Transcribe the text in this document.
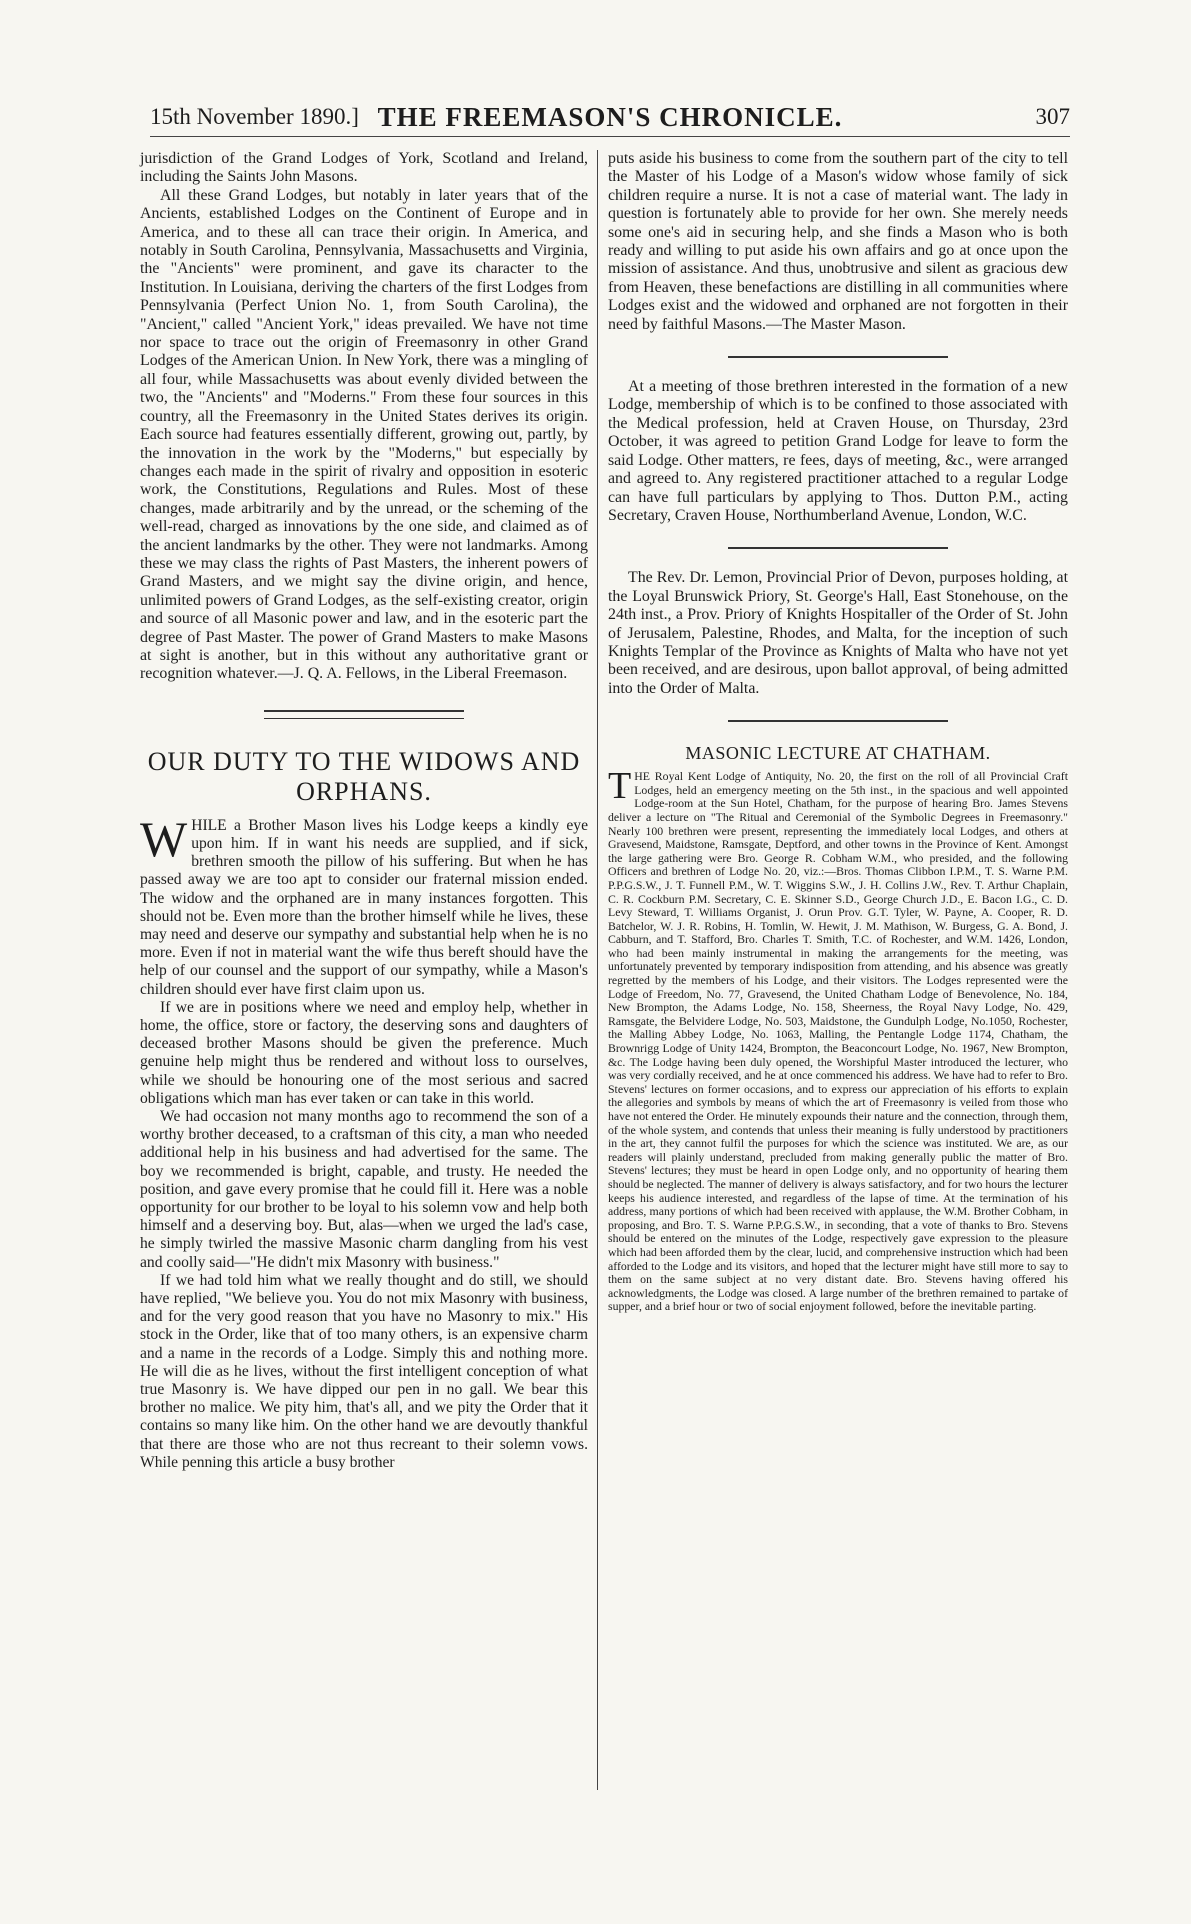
15th November 1890.] THE FREEMASON'S CHRONICLE.	307

jurisdiction of the Grand Lodges of York, Scotland and Ireland, including the Saints John Masons.

All these Grand Lodges, but notably in later years that of the Ancients, established Lodges on the Continent of Europe and in America, and to these all can trace their origin. In America, and notably in South Carolina, Pennsylvania, Massachusetts and Virginia, the "Ancients" were prominent, and gave its character to the Institution. In Louisiana, deriving the charters of the first Lodges from Pennsylvania (Perfect Union No. 1, from South Carolina), the "Ancient," called "Ancient York," ideas prevailed. We have not time nor space to trace out the origin of Freemasonry in other Grand Lodges of the American Union. In New York, there was a mingling of all four, while Massachusetts was about evenly divided between the two, the "Ancients" and "Moderns." From these four sources in this country, all the Freemasonry in the United States derives its origin. Each source had features essentially different, growing out, partly, by the innovation in the work by the "Moderns," but especially by changes each made in the spirit of rivalry and opposition in esoteric work, the Constitutions, Regulations and Rules. Most of these changes, made arbitrarily and by the unread, or the scheming of the well-read, charged as innovations by the one side, and claimed as of the ancient landmarks by the other. They were not landmarks. Among these we may class the rights of Past Masters, the inherent powers of Grand Masters, and we might say the divine origin, and hence, unlimited powers of Grand Lodges, as the self-existing creator, origin and source of all Masonic power and law, and in the esoteric part the degree of Past Master. The power of Grand Masters to make Masons at sight is another, but in this without any authoritative grant or recognition whatever.—J. Q. A. Fellows, in the Liberal Freemason.

OUR DUTY TO THE WIDOWS AND ORPHANS.

WHILE a Brother Mason lives his Lodge keeps a kindly eye upon him. If in want his needs are supplied, and if sick, brethren smooth the pillow of his suffering. But when he has passed away we are too apt to consider our fraternal mission ended. The widow and the orphaned are in many instances forgotten. This should not be. Even more than the brother himself while he lives, these may need and deserve our sympathy and substantial help when he is no more. Even if not in material want the wife thus bereft should have the help of our counsel and the support of our sympathy, while a Mason's children should ever have first claim upon us.

If we are in positions where we need and employ help, whether in home, the office, store or factory, the deserving sons and daughters of deceased brother Masons should be given the preference. Much genuine help might thus be rendered and without loss to ourselves, while we should be honouring one of the most serious and sacred obligations which man has ever taken or can take in this world.

We had occasion not many months ago to recommend the son of a worthy brother deceased, to a craftsman of this city, a man who needed additional help in his business and had advertised for the same. The boy we recommended is bright, capable, and trusty. He needed the position, and gave every promise that he could fill it. Here was a noble opportunity for our brother to be loyal to his solemn vow and help both himself and a deserving boy. But, alas—when we urged the lad's case, he simply twirled the massive Masonic charm dangling from his vest and coolly said—"He didn't mix Masonry with business."

If we had told him what we really thought and do still, we should have replied, "We believe you. You do not mix Masonry with business, and for the very good reason that you have no Masonry to mix." His stock in the Order, like that of too many others, is an expensive charm and a name in the records of a Lodge. Simply this and nothing more. He will die as he lives, without the first intelligent conception of what true Masonry is. We have dipped our pen in no gall. We bear this brother no malice. We pity him, that's all, and we pity the Order that it contains so many like him. On the other hand we are devoutly thankful that there are those who are not thus recreant to their solemn vows. While penning this article a busy brother

puts aside his business to come from the southern part of the city to tell the Master of his Lodge of a Mason's widow whose family of sick children require a nurse. It is not a case of material want. The lady in question is fortunately able to provide for her own. She merely needs some one's aid in securing help, and she finds a Mason who is both ready and willing to put aside his own affairs and go at once upon the mission of assistance. And thus, unobtrusive and silent as gracious dew from Heaven, these benefactions are distilling in all communities where Lodges exist and the widowed and orphaned are not forgotten in their need by faithful Masons.—The Master Mason.

At a meeting of those brethren interested in the formation of a new Lodge, membership of which is to be confined to those associated with the Medical profession, held at Craven House, on Thursday, 23rd October, it was agreed to petition Grand Lodge for leave to form the said Lodge. Other matters, re fees, days of meeting, &c., were arranged and agreed to. Any registered practitioner attached to a regular Lodge can have full particulars by applying to Thos. Dutton P.M., acting Secretary, Craven House, Northumberland Avenue, London, W.C.

The Rev. Dr. Lemon, Provincial Prior of Devon, purposes holding, at the Loyal Brunswick Priory, St. George's Hall, East Stonehouse, on the 24th inst., a Prov. Priory of Knights Hospitaller of the Order of St. John of Jerusalem, Palestine, Rhodes, and Malta, for the inception of such Knights Templar of the Province as Knights of Malta who have not yet been received, and are desirous, upon ballot approval, of being admitted into the Order of Malta.

MASONIC LECTURE AT CHATHAM.

THE Royal Kent Lodge of Antiquity, No. 20, the first on the roll of all Provincial Craft Lodges, held an emergency meeting on the 5th inst., in the spacious and well appointed Lodge-room at the Sun Hotel, Chatham, for the purpose of hearing Bro. James Stevens deliver a lecture on "The Ritual and Ceremonial of the Symbolic Degrees in Freemasonry." Nearly 100 brethren were present, representing the immediately local Lodges, and others at Gravesend, Maidstone, Ramsgate, Deptford, and other towns in the Province of Kent. Amongst the large gathering were Bro. George R. Cobham W.M., who presided, and the following Officers and brethren of Lodge No. 20, viz.:—Bros. Thomas Clibbon I.P.M., T. S. Warne P.M. P.P.G.S.W., J. T. Funnell P.M., W. T. Wiggins S.W., J. H. Collins J.W., Rev. T. Arthur Chaplain, C. R. Cockburn P.M. Secretary, C. E. Skinner S.D., George Church J.D., E. Bacon I.G., C. D. Levy Steward, T. Williams Organist, J. Orun Prov. G.T. Tyler, W. Payne, A. Cooper, R. D. Batchelor, W. J. R. Robins, H. Tomlin, W. Hewit, J. M. Mathison, W. Burgess, G. A. Bond, J. Cabburn, and T. Stafford, Bro. Charles T. Smith, T.C. of Rochester, and W.M. 1426, London, who had been mainly instrumental in making the arrangements for the meeting, was unfortunately prevented by temporary indisposition from attending, and his absence was greatly regretted by the members of his Lodge, and their visitors. The Lodges represented were the Lodge of Freedom, No. 77, Gravesend, the United Chatham Lodge of Benevolence, No. 184, New Brompton, the Adams Lodge, No. 158, Sheerness, the Royal Navy Lodge, No. 429, Ramsgate, the Belvidere Lodge, No. 503, Maidstone, the Gundulph Lodge, No.1050, Rochester, the Malling Abbey Lodge, No. 1063, Malling, the Pentangle Lodge 1174, Chatham, the Brownrigg Lodge of Unity 1424, Brompton, the Beaconcourt Lodge, No. 1967, New Brompton, &c. The Lodge having been duly opened, the Worshipful Master introduced the lecturer, who was very cordially received, and he at once commenced his address. We have had to refer to Bro. Stevens' lectures on former occasions, and to express our appreciation of his efforts to explain the allegories and symbols by means of which the art of Freemasonry is veiled from those who have not entered the Order. He minutely expounds their nature and the connection, through them, of the whole system, and contends that unless their meaning is fully understood by practitioners in the art, they cannot fulfil the purposes for which the science was instituted. We are, as our readers will plainly understand, precluded from making generally public the matter of Bro. Stevens' lectures; they must be heard in open Lodge only, and no opportunity of hearing them should be neglected. The manner of delivery is always satisfactory, and for two hours the lecturer keeps his audience interested, and regardless of the lapse of time. At the termination of his address, many portions of which had been received with applause, the W.M. Brother Cobham, in proposing, and Bro. T. S. Warne P.P.G.S.W., in seconding, that a vote of thanks to Bro. Stevens should be entered on the minutes of the Lodge, respectively gave expression to the pleasure which had been afforded them by the clear, lucid, and comprehensive instruction which had been afforded to the Lodge and its visitors, and hoped that the lecturer might have still more to say to them on the same subject at no very distant date. Bro. Stevens having offered his acknowledgments, the Lodge was closed. A large number of the brethren remained to partake of supper, and a brief hour or two of social enjoyment followed, before the inevitable parting.
